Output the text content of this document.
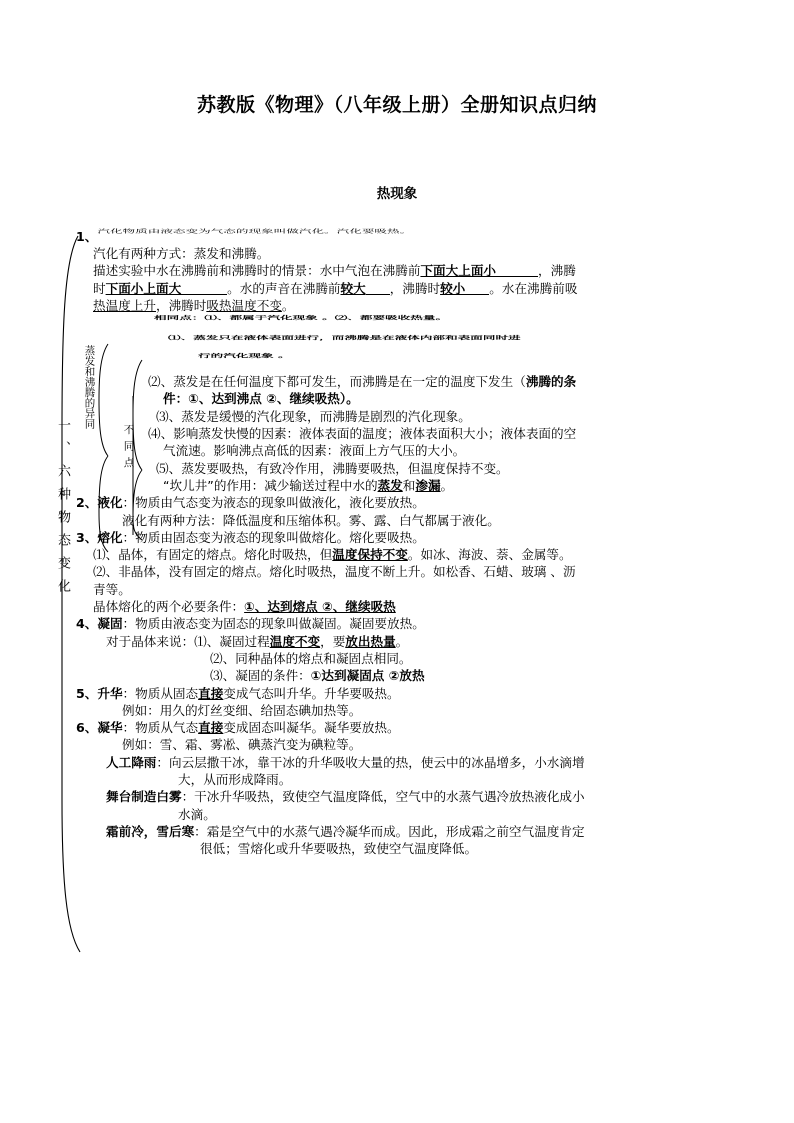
苏教版《物理》（八年级上册）全册知识点归纳
热现象
一、六种物态变化
蒸发和沸腾的异同
不同点
1、汽化物质由液态变为气态的现象叫做汽化。汽化要吸热。
汽化有两种方式：蒸发和沸腾。
描述实验中水在沸腾前和沸腾时的情景：水中气泡在沸腾前下面大上面小	，沸腾
时下面小上面大	。水的声音在沸腾前较大 ，沸腾时较小 。水在沸腾前吸
热温度上升，沸腾时吸热温度不变。
相同点：⑴、都属于汽化现象 。⑵、都要吸收热量。
⑴、蒸发只在液体表面进行，而沸腾是在液体内部和表面同时进
行的汽化现象 。
⑵、蒸发是在任何温度下都可发生，而沸腾是在一定的温度下发生（沸腾的条
件：①、达到沸点 ②、继续吸热）。
⑶、蒸发是缓慢的汽化现象，而沸腾是剧烈的汽化现象。
⑷、影响蒸发快慢的因素：液体表面的温度；液体表面积大小；液体表面的空
气流速。影响沸点高低的因素：液面上方气压的大小。
⑸、蒸发要吸热，有致冷作用，沸腾要吸热，但温度保持不变。
“坎儿井”的作用：减少输送过程中水的蒸发和渗漏。
2、液化：物质由气态变为液态的现象叫做液化，液化要放热。
液化有两种方法：降低温度和压缩体积。雾、露、白气都属于液化。
3、熔化：物质由固态变为液态的现象叫做熔化。熔化要吸热。
⑴、晶体，有固定的熔点。熔化时吸热，但温度保持不变。如冰、海波、萘、金属等。
⑵、非晶体，没有固定的熔点。熔化时吸热，温度不断上升。如松香、石蜡、玻璃 、沥
青等。
晶体熔化的两个必要条件：①、达到熔点 ②、继续吸热
4、凝固：物质由液态变为固态的现象叫做凝固。凝固要放热。
对于晶体来说：⑴、凝固过程温度不变，要放出热量。
⑵、同种晶体的熔点和凝固点相同。
⑶、凝固的条件：①达到凝固点 ②放热
5、升华：物质从固态直接变成气态叫升华。升华要吸热。
例如：用久的灯丝变细、给固态碘加热等。
6、凝华：物质从气态直接变成固态叫凝华。凝华要放热。
例如：雪、霜、雾凇、碘蒸汽变为碘粒等。
人工降雨：向云层撒干冰，靠干冰的升华吸收大量的热，使云中的冰晶增多，小水滴增
大，从而形成降雨。
舞台制造白雾：干冰升华吸热，致使空气温度降低，空气中的水蒸气遇冷放热液化成小
水滴。
霜前冷，雪后寒：霜是空气中的水蒸气遇冷凝华而成。因此，形成霜之前空气温度肯定
很低；雪熔化或升华要吸热，致使空气温度降低。
